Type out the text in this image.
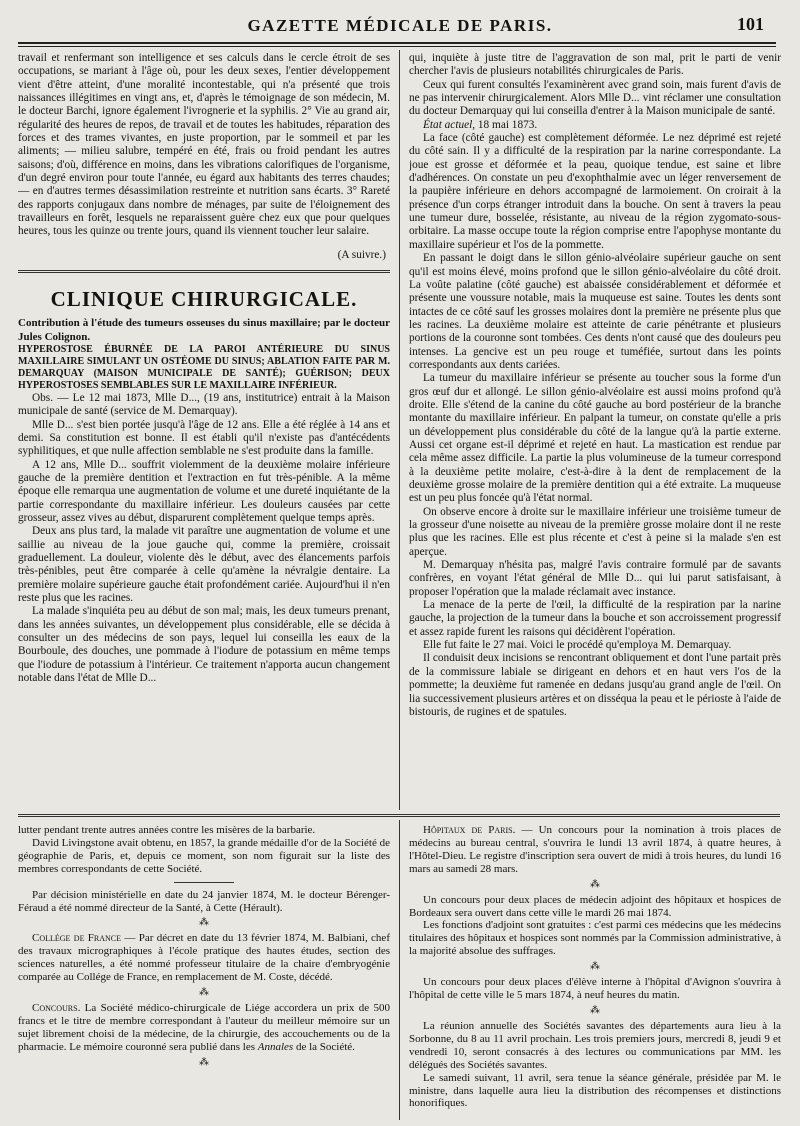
GAZETTE MÉDICALE DE PARIS.	101

travail et renfermant son intelligence et ses calculs dans le cercle étroit de ses occupations, se mariant à l'âge où, pour les deux sexes, l'entier développement vient d'être atteint, d'une moralité incontestable, qui n'a présenté que trois naissances illégitimes en vingt ans, et, d'après le témoignage de son médecin, M. le docteur Barchi, ignore également l'ivrognerie et la syphilis. 2° Vie au grand air, régularité des heures de repos, de travail et de toutes les habitudes, réparation des forces et des trames vivantes, en juste proportion, par le sommeil et par les aliments; — milieu salubre, tempéré en été, frais ou froid pendant les autres saisons; d'où, différence en moins, dans les vibrations calorifiques de l'organisme, d'un degré environ pour toute l'année, eu égard aux habitants des terres chaudes; — en d'autres termes désassimilation restreinte et nutrition sans écarts. 3° Rareté des rapports conjugaux dans nombre de ménages, par suite de l'éloignement des travailleurs en forêt, lesquels ne reparaissent guère chez eux que pour quelques heures, tous les quinze ou trente jours, quand ils viennent toucher leur salaire.

(A suivre.)

CLINIQUE CHIRURGICALE.

Contribution à l'étude des tumeurs osseuses du sinus maxillaire; par le docteur Jules Colignon.

HYPEROSTOSE ÉBURNÉE DE LA PAROI ANTÉRIEURE DU SINUS MAXILLAIRE SIMULANT UN OSTÉOME DU SINUS; ABLATION FAITE PAR M. DEMARQUAY (MAISON MUNICIPALE DE SANTÉ); GUÉRISON; DEUX HYPEROSTOSES SEMBLABLES SUR LE MAXILLAIRE INFÉRIEUR.

Obs. — Le 12 mai 1873, Mlle D..., (19 ans, institutrice) entrait à la Maison municipale de santé (service de M. Demarquay).

Mlle D... s'est bien portée jusqu'à l'âge de 12 ans. Elle a été réglée à 14 ans et demi. Sa constitution est bonne. Il est établi qu'il n'existe pas d'antécédents syphilitiques, et que nulle affection semblable ne s'est produite dans la famille.

A 12 ans, Mlle D... souffrit violemment de la deuxième molaire inférieure gauche de la première dentition et l'extraction en fut très-pénible. A la même époque elle remarqua une augmentation de volume et une dureté inquiétante de la partie correspondante du maxillaire inférieur. Les douleurs causées par cette grosseur, assez vives au début, disparurent complètement quelque temps après.

Deux ans plus tard, la malade vit paraître une augmentation de volume et une saillie au niveau de la joue gauche qui, comme la première, croissait graduellement. La douleur, violente dès le début, avec des élancements parfois très-pénibles, peut être comparée à celle qu'amène la névralgie dentaire. La première molaire supérieure gauche était profondément cariée. Aujourd'hui il n'en reste plus que les racines.

La malade s'inquiéta peu au début de son mal; mais, les deux tumeurs prenant, dans les années suivantes, un développement plus considérable, elle se décida à consulter un des médecins de son pays, lequel lui conseilla les eaux de la Bourboule, des douches, une pommade à l'iodure de potassium en même temps que l'iodure de potassium à l'intérieur. Ce traitement n'apporta aucun changement notable dans l'état de Mlle D...

qui, inquiète à juste titre de l'aggravation de son mal, prit le parti de venir chercher l'avis de plusieurs notabilités chirurgicales de Paris.

Ceux qui furent consultés l'examinèrent avec grand soin, mais furent d'avis de ne pas intervenir chirurgicalement. Alors Mlle D... vint réclamer une consultation du docteur Demarquay qui lui conseilla d'entrer à la Maison municipale de santé.

État actuel, 18 mai 1873.

La face (côté gauche) est complètement déformée. Le nez déprimé est rejeté du côté sain. Il y a difficulté de la respiration par la narine correspondante. La joue est grosse et déformée et la peau, quoique tendue, est saine et libre d'adhérences. On constate un peu d'exophthalmie avec un léger renversement de la paupière inférieure en dehors accompagné de larmoiement. On croirait à la présence d'un corps étranger introduit dans la bouche. On sent à travers la peau une tumeur dure, bosselée, résistante, au niveau de la région zygomato-sous-orbitaire. La masse occupe toute la région comprise entre l'apophyse montante du maxillaire supérieur et l'os de la pommette.

En passant le doigt dans le sillon génio-alvéolaire supérieur gauche on sent qu'il est moins élevé, moins profond que le sillon génio-alvéolaire du côté droit. La voûte palatine (côté gauche) est abaissée considérablement et déformée et présente une voussure notable, mais la muqueuse est saine. Toutes les dents sont intactes de ce côté sauf les grosses molaires dont la première ne présente plus que les racines. La deuxième molaire est atteinte de carie pénétrante et plusieurs portions de la couronne sont tombées. Ces dents n'ont causé que des douleurs peu intenses. La gencive est un peu rouge et tuméfiée, surtout dans les points correspondants aux dents cariées.

La tumeur du maxillaire inférieur se présente au toucher sous la forme d'un gros œuf dur et allongé. Le sillon génio-alvéolaire est aussi moins profond qu'à droite. Elle s'étend de la canine du côté gauche au bord postérieur de la branche montante du maxillaire inférieur. En palpant la tumeur, on constate qu'elle a pris un développement plus considérable du côté de la langue qu'à la partie externe. Aussi cet organe est-il déprimé et rejeté en haut. La mastication est rendue par cela même assez difficile. La partie la plus volumineuse de la tumeur correspond à la deuxième petite molaire, c'est-à-dire à la dent de remplacement de la deuxième grosse molaire de la première dentition qui a été extraite. La muqueuse est un peu plus foncée qu'à l'état normal.

On observe encore à droite sur le maxillaire inférieur une troisième tumeur de la grosseur d'une noisette au niveau de la première grosse molaire dont il ne reste plus que les racines. Elle est plus récente et c'est à peine si la malade s'en est aperçue.

M. Demarquay n'hésita pas, malgré l'avis contraire formulé par de savants confrères, en voyant l'état général de Mlle D... qui lui parut satisfaisant, à proposer l'opération que la malade réclamait avec instance.

La menace de la perte de l'œil, la difficulté de la respiration par la narine gauche, la projection de la tumeur dans la bouche et son accroissement progressif et assez rapide furent les raisons qui décidèrent l'opération.

Elle fut faite le 27 mai. Voici le procédé qu'employa M. Demarquay.

Il conduisit deux incisions se rencontrant obliquement et dont l'une partait près de la commissure labiale se dirigeant en dehors et en haut vers l'os de la pommette; la deuxième fut ramenée en dedans jusqu'au grand angle de l'œil. On lia successivement plusieurs artères et on disséqua la peau et le périoste à l'aide de bistouris, de rugines et de spatules.

lutter pendant trente autres années contre les misères de la barbarie.

David Livingstone avait obtenu, en 1857, la grande médaille d'or de la Société de géographie de Paris, et, depuis ce moment, son nom figurait sur la liste des membres correspondants de cette Société.

Par décision ministérielle en date du 24 janvier 1874, M. le docteur Bérenger-Féraud a été nommé directeur de la Santé, à Cette (Hérault).

⁂

Collége de France — Par décret en date du 13 février 1874, M. Balbiani, chef des travaux micrographiques à l'école pratique des hautes études, section des sciences naturelles, a été nommé professeur titulaire de la chaire d'embryogénie comparée au Collége de France, en remplacement de M. Coste, décédé.

⁂

Concours. La Société médico-chirurgicale de Liége accordera un prix de 500 francs et le titre de membre correspondant à l'auteur du meilleur mémoire sur un sujet librement choisi de la médecine, de la chirurgie, des accouchements ou de la pharmacie. Le mémoire couronné sera publié dans les Annales de la Société.

⁂

Hôpitaux de Paris. — Un concours pour la nomination à trois places de médecins au bureau central, s'ouvrira le lundi 13 avril 1874, à quatre heures, à l'Hôtel-Dieu. Le registre d'inscription sera ouvert de midi à trois heures, du lundi 16 mars au samedi 28 mars.

⁂

Un concours pour deux places de médecin adjoint des hôpitaux et hospices de Bordeaux sera ouvert dans cette ville le mardi 26 mai 1874.

Les fonctions d'adjoint sont gratuites : c'est parmi ces médecins que les médecins titulaires des hôpitaux et hospices sont nommés par la Commission administrative, à la majorité absolue des suffrages.

⁂

Un concours pour deux places d'élève interne à l'hôpital d'Avignon s'ouvrira à l'hôpital de cette ville le 5 mars 1874, à neuf heures du matin.

⁂

La réunion annuelle des Sociétés savantes des départements aura lieu à la Sorbonne, du 8 au 11 avril prochain. Les trois premiers jours, mercredi 8, jeudi 9 et vendredi 10, seront consacrés à des lectures ou communications par MM. les délégués des Sociétés savantes.

Le samedi suivant, 11 avril, sera tenue la séance générale, présidée par M. le ministre, dans laquelle aura lieu la distribution des récompenses et distinctions honorifiques.
